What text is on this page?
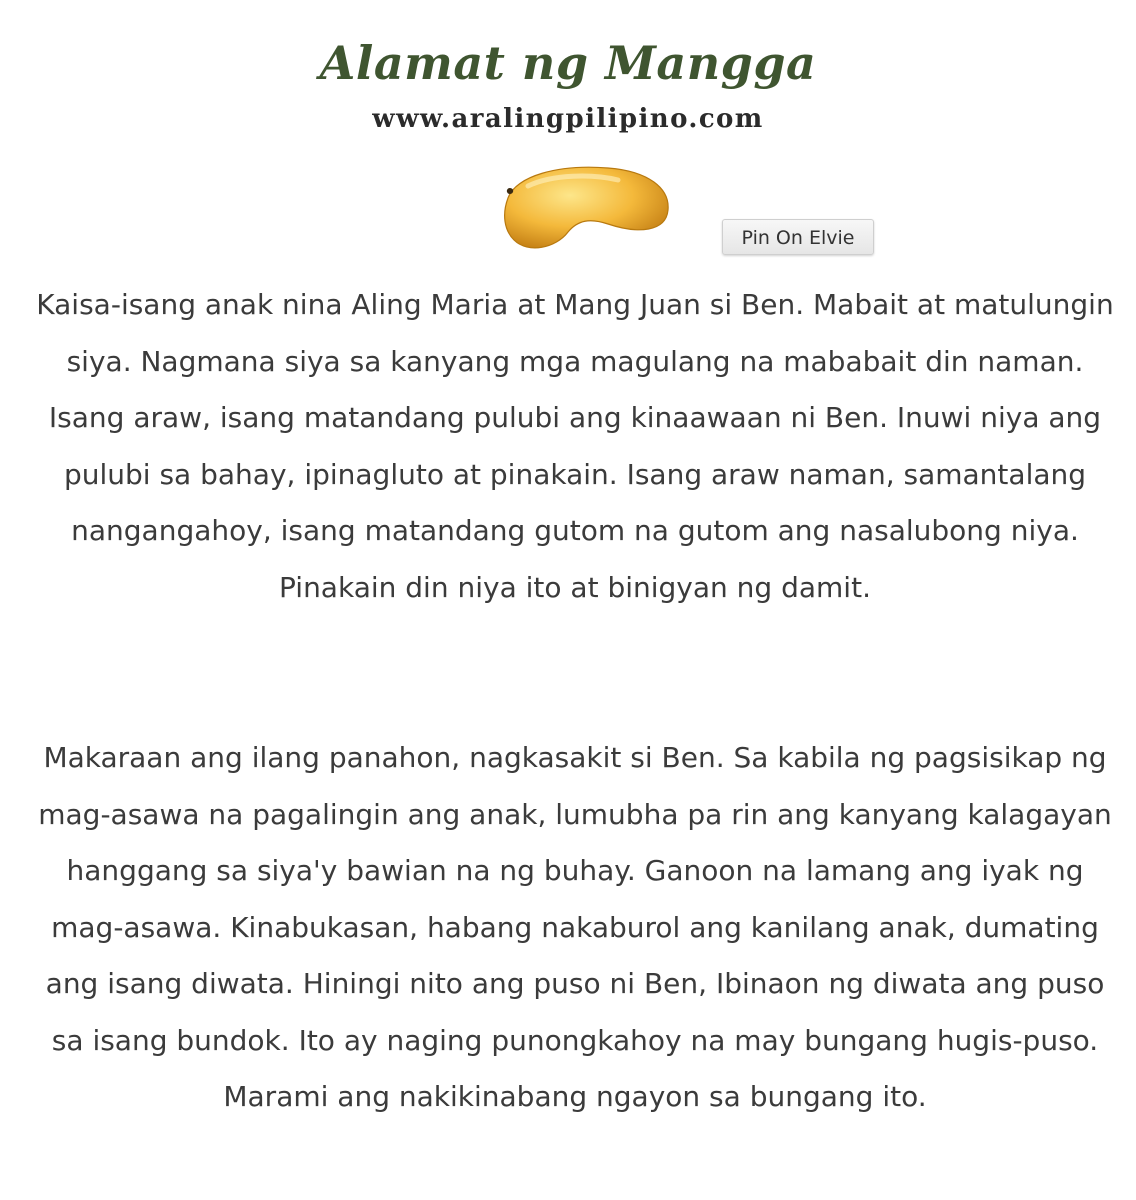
Alamat ng Mangga
www.aralingpilipino.com
Pin On Elvie

Kaisa-isang anak nina Aling Maria at Mang Juan si Ben. Mabait at matulungin siya. Nagmana siya sa kanyang mga magulang na mababait din naman. Isang araw, isang matandang pulubi ang kinaawaan ni Ben. Inuwi niya ang pulubi sa bahay, ipinagluto at pinakain. Isang araw naman, samantalang nangangahoy, isang matandang gutom na gutom ang nasalubong niya. Pinakain din niya ito at binigyan ng damit.

Makaraan ang ilang panahon, nagkasakit si Ben. Sa kabila ng pagsisikap ng mag-asawa na pagalingin ang anak, lumubha pa rin ang kanyang kalagayan hanggang sa siya'y bawian na ng buhay. Ganoon na lamang ang iyak ng mag-asawa. Kinabukasan, habang nakaburol ang kanilang anak, dumating ang isang diwata. Hiningi nito ang puso ni Ben, Ibinaon ng diwata ang puso sa isang bundok. Ito ay naging punongkahoy na may bungang hugis-puso. Marami ang nakikinabang ngayon sa bungang ito.
